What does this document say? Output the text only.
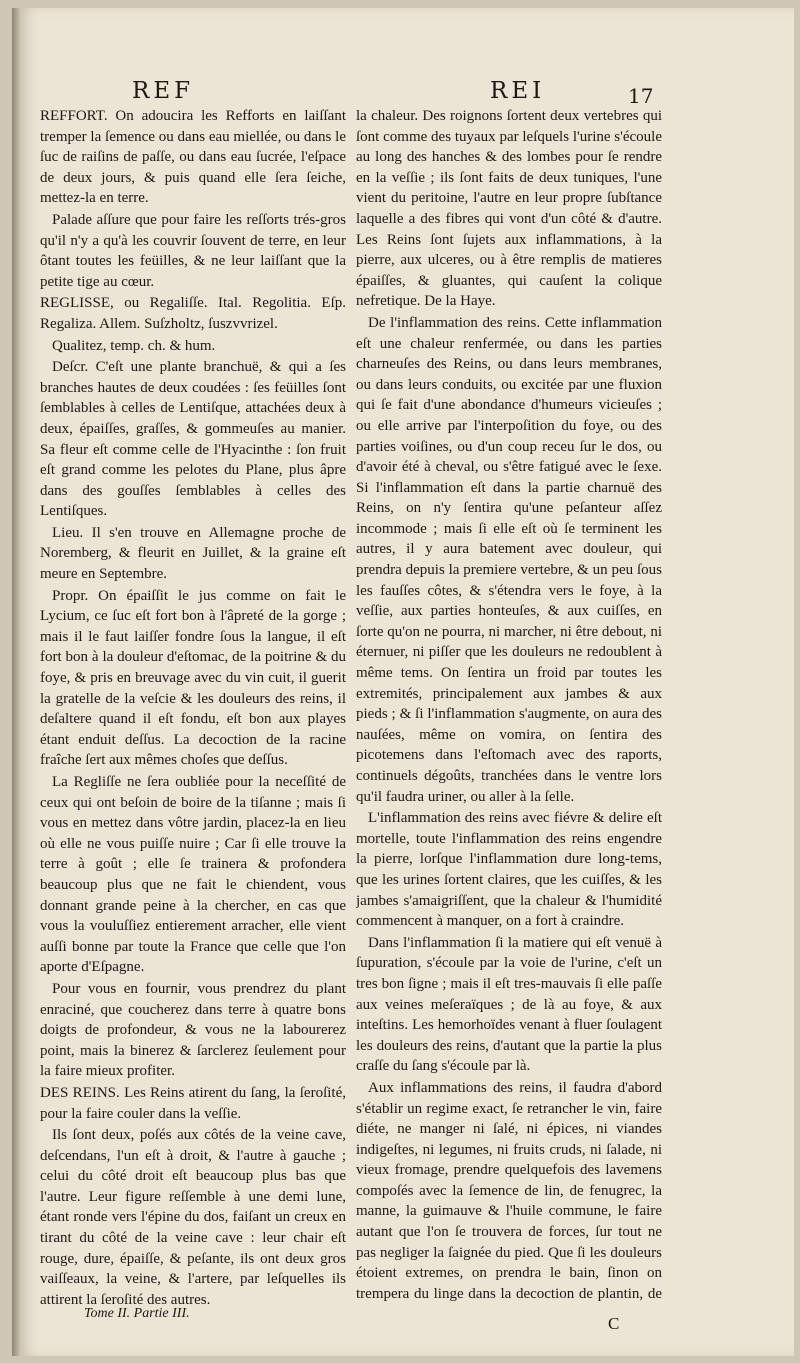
REF	REI	17

REFFORT. On adoucira les Refforts en laiſſant tremper la ſemence ou dans eau miellée, ou dans le ſuc de raiſins de paſſe, ou dans eau ſucrée, l'eſpace de deux jours, & puis quand elle ſera ſeiche, mettez-la en terre.

Palade aſſure que pour faire les reſſorts trés-gros qu'il n'y a qu'à les couvrir ſouvent de terre, en leur ôtant toutes les feüilles, & ne leur laiſſant que la petite tige au cœur.

REGLISSE, ou Regaliſſe. Ital. Regolitia. Eſp. Regaliza. Allem. Suſzholtz, ſuszvvrizel.

Qualitez, temp. ch. & hum.

Deſcr. C'eſt une plante branchuë, & qui a ſes branches hautes de deux coudées : ſes feüilles ſont ſemblables à celles de Lentiſque, attachées deux à deux, épaiſſes, graſſes, & gommeuſes au manier. Sa fleur eſt comme celle de l'Hyacinthe : ſon fruit eſt grand comme les pelotes du Plane, plus âpre dans des gouſſes ſemblables à celles des Lentiſques.

Lieu. Il s'en trouve en Allemagne proche de Noremberg, & fleurit en Juillet, & la graine eſt meure en Septembre.

Propr. On épaiſſit le jus comme on fait le Lycium, ce ſuc eſt fort bon à l'âpreté de la gorge ; mais il le faut laiſſer fondre ſous la langue, il eſt fort bon à la douleur d'eſtomac, de la poitrine & du foye, & pris en breuvage avec du vin cuit, il guerit la gratelle de la veſcie & les douleurs des reins, il deſaltere quand il eſt fondu, eſt bon aux playes étant enduit deſſus. La decoction de la racine fraîche ſert aux mêmes choſes que deſſus.

La Regliſſe ne ſera oubliée pour la neceſſité de ceux qui ont beſoin de boire de la tiſanne ; mais ſi vous en mettez dans vôtre jardin, placez-la en lieu où elle ne vous puiſſe nuire ; Car ſi elle trouve la terre à goût ; elle ſe trainera & profondera beaucoup plus que ne fait le chiendent, vous donnant grande peine à la chercher, en cas que vous la vouluſſiez entierement arracher, elle vient auſſi bonne par toute la France que celle que l'on aporte d'Eſpagne.

Pour vous en fournir, vous prendrez du plant enraciné, que coucherez dans terre à quatre bons doigts de profondeur, & vous ne la labourerez point, mais la binerez & ſarclerez ſeulement pour la faire mieux profiter.

DES REINS. Les Reins atirent du ſang, la ſeroſité, pour la faire couler dans la veſſie.

Ils ſont deux, poſés aux côtés de la veine cave, deſcendans, l'un eſt à droit, & l'autre à gauche ; celui du côté droit eſt beaucoup plus bas que l'autre. Leur figure reſſemble à une demi lune, étant ronde vers l'épine du dos, faiſant un creux en tirant du côté de la veine cave : leur chair eſt rouge, dure, épaiſſe, & peſante, ils ont deux gros vaiſſeaux, la veine, & l'artere, par leſquelles ils attirent la ſeroſité des autres.

la chaleur. Des roignons ſortent deux vertebres qui ſont comme des tuyaux par leſquels l'urine s'écoule au long des hanches & des lombes pour ſe rendre en la veſſie ; ils ſont faits de deux tuniques, l'une vient du peritoine, l'autre en leur propre ſubſtance laquelle a des fibres qui vont d'un côté & d'autre. Les Reins ſont ſujets aux inflammations, à la pierre, aux ulceres, ou à être remplis de matieres épaiſſes, & gluantes, qui cauſent la colique nefretique. De la Haye.

De l'inflammation des reins. Cette inflammation eſt une chaleur renfermée, ou dans les parties charneuſes des Reins, ou dans leurs membranes, ou dans leurs conduits, ou excitée par une fluxion qui ſe fait d'une abondance d'humeurs vicieuſes ; ou elle arrive par l'interpoſition du foye, ou des parties voiſines, ou d'un coup receu ſur le dos, ou d'avoir été à cheval, ou s'être fatigué avec le ſexe. Si l'inflammation eſt dans la partie charnuë des Reins, on n'y ſentira qu'une peſanteur aſſez incommode ; mais ſi elle eſt où ſe terminent les autres, il y aura batement avec douleur, qui prendra depuis la premiere vertebre, & un peu ſous les fauſſes côtes, & s'étendra vers le foye, à la veſſie, aux parties honteuſes, & aux cuiſſes, en ſorte qu'on ne pourra, ni marcher, ni être debout, ni éternuer, ni piſſer que les douleurs ne redoublent à même tems. On ſentira un froid par toutes les extremités, principalement aux jambes & aux pieds ; & ſi l'inflammation s'augmente, on aura des nauſées, même on vomira, on ſentira des picotemens dans l'eſtomach avec des raports, continuels dégoûts, tranchées dans le ventre lors qu'il faudra uriner, ou aller à la ſelle.

L'inflammation des reins avec fiévre & delire eſt mortelle, toute l'inflammation des reins engendre la pierre, lorſque l'inflammation dure long-tems, que les urines ſortent claires, que les cuiſſes, & les jambes s'amaigriſſent, que la chaleur & l'humidité commencent à manquer, on a fort à craindre.

Dans l'inflammation ſi la matiere qui eſt venuë à ſupuration, s'écoule par la voie de l'urine, c'eſt un tres bon ſigne ; mais il eſt tres-mauvais ſi elle paſſe aux veines meſeraïques ; de là au foye, & aux inteſtins. Les hemorhoïdes venant à fluer ſoulagent les douleurs des reins, d'autant que la partie la plus craſſe du ſang s'écoule par là.

Aux inflammations des reins, il faudra d'abord s'établir un regime exact, ſe retrancher le vin, faire diéte, ne manger ni ſalé, ni épices, ni viandes indigeſtes, ni legumes, ni fruits cruds, ni ſalade, ni vieux fromage, prendre quelquefois des lavemens compoſés avec la ſemence de lin, de fenugrec, la manne, la guimauve & l'huile commune, le faire autant que l'on ſe trouvera de forces, ſur tout ne pas negliger la ſaignée du pied. Que ſi les douleurs étoient extremes, on prendra le bain, ſinon on trempera du linge dans la decoction de plantin, de

Tome II. Partie III.
C
